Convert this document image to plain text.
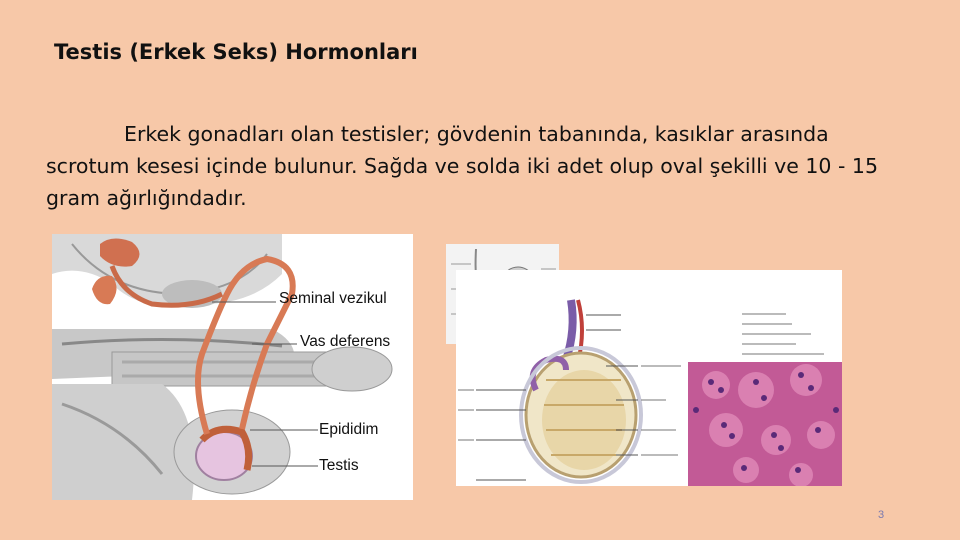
Testis (Erkek Seks) Hormonları
Erkek gonadları olan testisler; gövdenin tabanında, kasıklar arasında scrotum kesesi içinde bulunur. Sağda ve solda iki adet olup oval şekilli ve 10 - 15 gram ağırlığındadır.
Seminal vezikul
Vas deferens
Epididim
Testis
3
